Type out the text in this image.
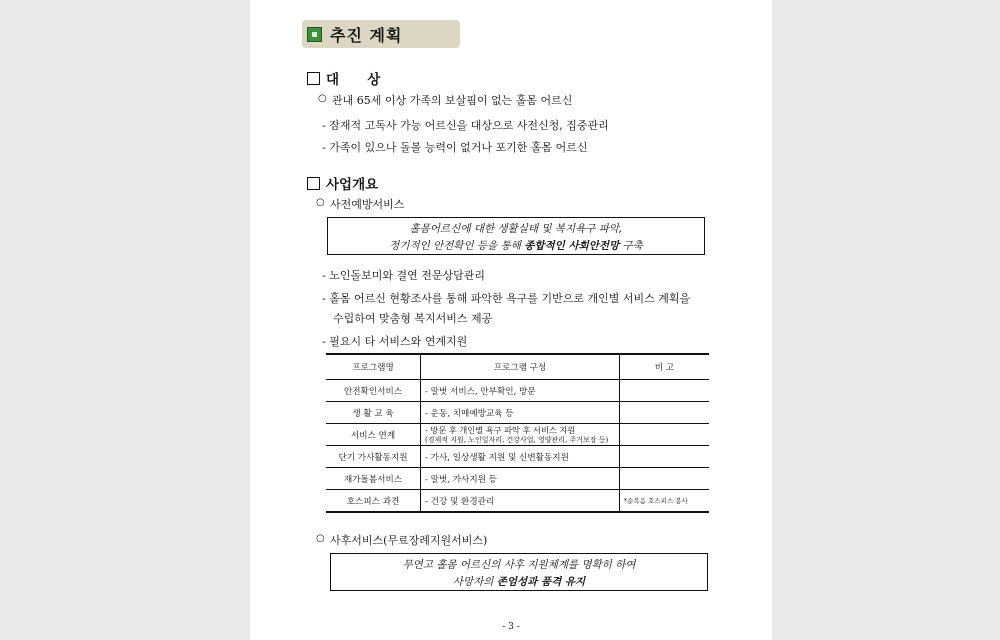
추진 계획
대      상
○ 관내 65세 이상 가족의 보살핌이 없는 홀몸 어르신
- 잠재적 고독사 가능 어르신을 대상으로 사전신청, 집중관리
- 가족이 있으나 돌볼 능력이 없거나 포기한 홀몸 어르신
사업개요
○ 사전예방서비스
홀몸어르신에 대한 생활실태 및 복지욕구 파악,
정기적인 안전확인 등을 통해 종합적인 사회안전망 구축
- 노인돌보미와 결연 전문상담관리
- 홀몸 어르신 현황조사를 통해 파악한 욕구를 기반으로 개인별 서비스 계획을
수립하여 맞춤형 복지서비스 제공
- 필요시 타 서비스와 연계지원
프로그램명	프로그램 구성	비 고
안전확인서비스	- 말벗 서비스, 안부확인, 방문	
생 활 교 육	- 운동, 치매예방교육 등	
서비스 연계	- 방문 후 개인별 욕구 파악 후 서비스 지원
(경제적 지원, 노인일자리, 건강사업, 영양관리, 주거보장 등)	

단기 가사활동지원	- 가사, 일상생활 지원 및 신변활동지원	
재가돌봄서비스	- 말벗, 가사지원 등	
호스피스 과견	- 건강 및 환경관리	*순복음 호스피스 봉사
○ 사후서비스(무료장례지원서비스)
무연고 홀몸 어르신의 사후 지원체계를 명확히 하여
사망자의 존엄성과 품격 유지
- 3 -
